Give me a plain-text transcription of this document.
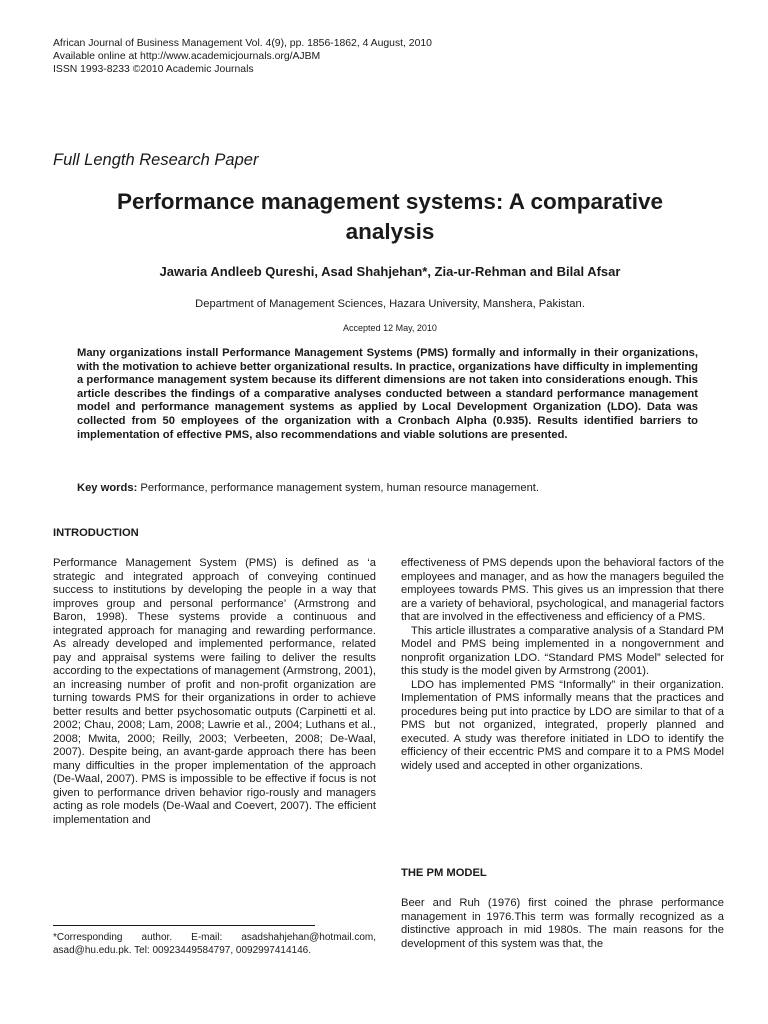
African Journal of Business Management Vol. 4(9), pp. 1856-1862, 4 August, 2010
Available online at http://www.academicjournals.org/AJBM
ISSN 1993-8233 ©2010 Academic Journals
Full Length Research Paper
Performance management systems: A comparative
analysis
Jawaria Andleeb Qureshi, Asad Shahjehan*, Zia-ur-Rehman and Bilal Afsar
Department of Management Sciences, Hazara University, Manshera, Pakistan.
Accepted 12 May, 2010
Many organizations install Performance Management Systems (PMS) formally and informally in their organizations, with the motivation to achieve better organizational results. In practice, organizations have difficulty in implementing a performance management system because its different dimensions are not taken into considerations enough. This article describes the findings of a comparative analyses conducted between a standard performance management model and performance management systems as applied by Local Development Organization (LDO). Data was collected from 50 employees of the organization with a Cronbach Alpha (0.935). Results identified barriers to implementation of effective PMS, also recommendations and viable solutions are presented.
Key words: Performance, performance management system, human resource management.
INTRODUCTION

Performance Management System (PMS) is defined as ‘a strategic and integrated approach of conveying continued success to institutions by developing the people in a way that improves group and personal performance’ (Armstrong and Baron, 1998). These systems provide a continuous and integrated approach for managing and rewarding performance. As already developed and implemented performance, related pay and appraisal systems were failing to deliver the results according to the expectations of management (Armstrong, 2001), an increasing number of profit and non-profit organization are turning towards PMS for their organizations in order to achieve better results and better psychosomatic outputs (Carpinetti et al. 2002; Chau, 2008; Lam, 2008; Lawrie et al., 2004; Luthans et al., 2008; Mwita, 2000; Reilly, 2003; Verbeeten, 2008; De-Waal, 2007). Despite being, an avant-garde approach there has been many difficulties in the proper implementation of the approach (De-Waal, 2007). PMS is impossible to be effective if focus is not given to performance driven behavior rigo-rously and managers acting as role models (De-Waal and Coevert, 2007). The efficient implementation and

effectiveness of PMS depends upon the behavioral factors of the employees and manager, and as how the managers beguiled the employees towards PMS. This gives us an impression that there are a variety of behavioral, psychological, and managerial factors that are involved in the effectiveness and efficiency of a PMS.

This article illustrates a comparative analysis of a Standard PM Model and PMS being implemented in a nongovernment and nonprofit organization LDO. “Standard PMS Model” selected for this study is the model given by Armstrong (2001).

LDO has implemented PMS “Informally” in their organization. Implementation of PMS informally means that the practices and procedures being put into practice by LDO are similar to that of a PMS but not organized, integrated, properly planned and executed. A study was therefore initiated in LDO to identify the efficiency of their eccentric PMS and compare it to a PMS Model widely used and accepted in other organizations.

THE PM MODEL

Beer and Ruh (1976) first coined the phrase performance management in 1976.This term was formally recognized as a distinctive approach in mid 1980s. The main reasons for the development of this system was that, the

*Corresponding author. E-mail: asadshahjehan@hotmail.com, asad@hu.edu.pk. Tel: 00923449584797, 0092997414146.
